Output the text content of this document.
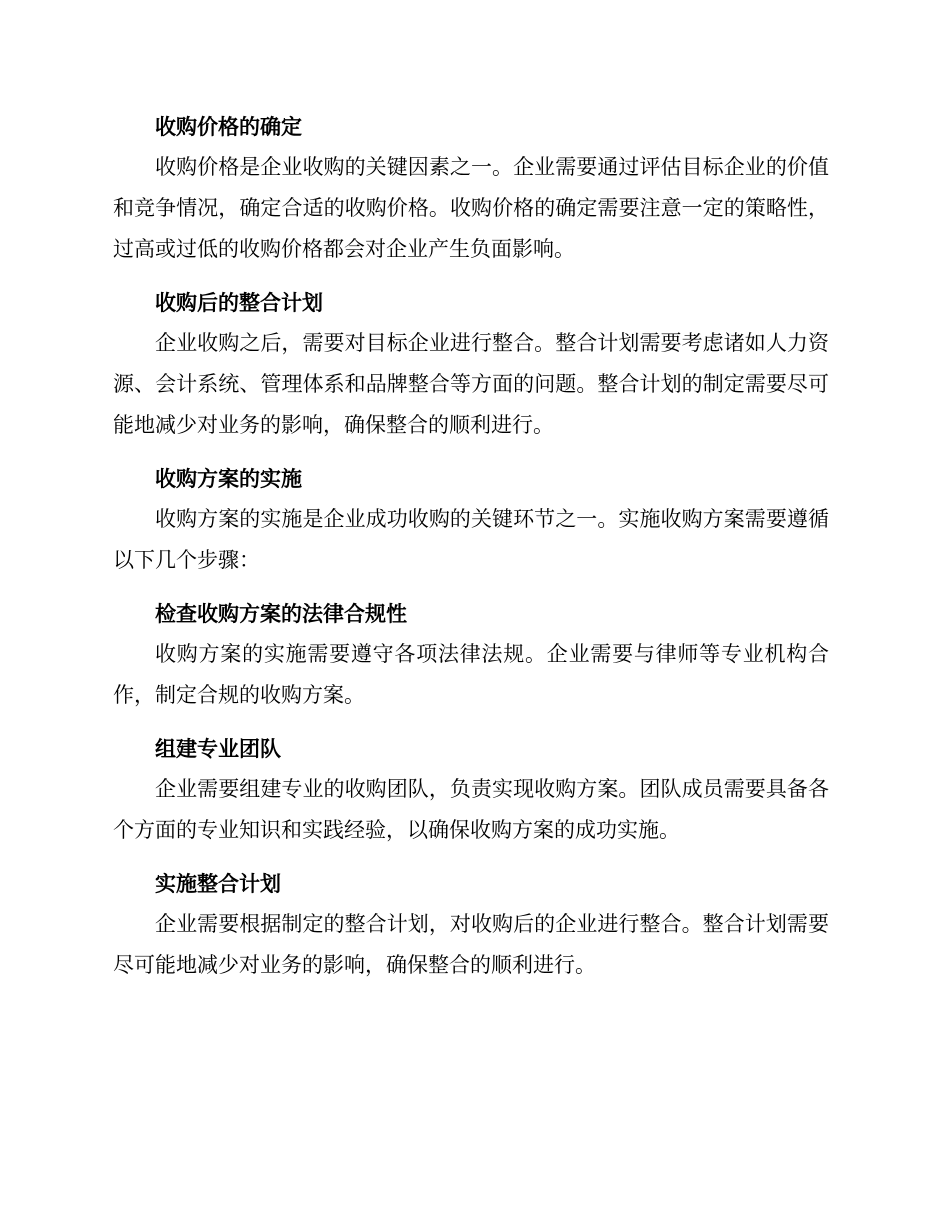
收购价格的确定

收购价格是企业收购的关键因素之一。企业需要通过评估目标企业的价值和竞争情况，确定合适的收购价格。收购价格的确定需要注意一定的策略性，过高或过低的收购价格都会对企业产生负面影响。

收购后的整合计划

企业收购之后，需要对目标企业进行整合。整合计划需要考虑诸如人力资源、会计系统、管理体系和品牌整合等方面的问题。整合计划的制定需要尽可能地减少对业务的影响，确保整合的顺利进行。

收购方案的实施

收购方案的实施是企业成功收购的关键环节之一。实施收购方案需要遵循以下几个步骤：

检查收购方案的法律合规性

收购方案的实施需要遵守各项法律法规。企业需要与律师等专业机构合作，制定合规的收购方案。

组建专业团队

企业需要组建专业的收购团队，负责实现收购方案。团队成员需要具备各个方面的专业知识和实践经验，以确保收购方案的成功实施。

实施整合计划

企业需要根据制定的整合计划，对收购后的企业进行整合。整合计划需要尽可能地减少对业务的影响，确保整合的顺利进行。
